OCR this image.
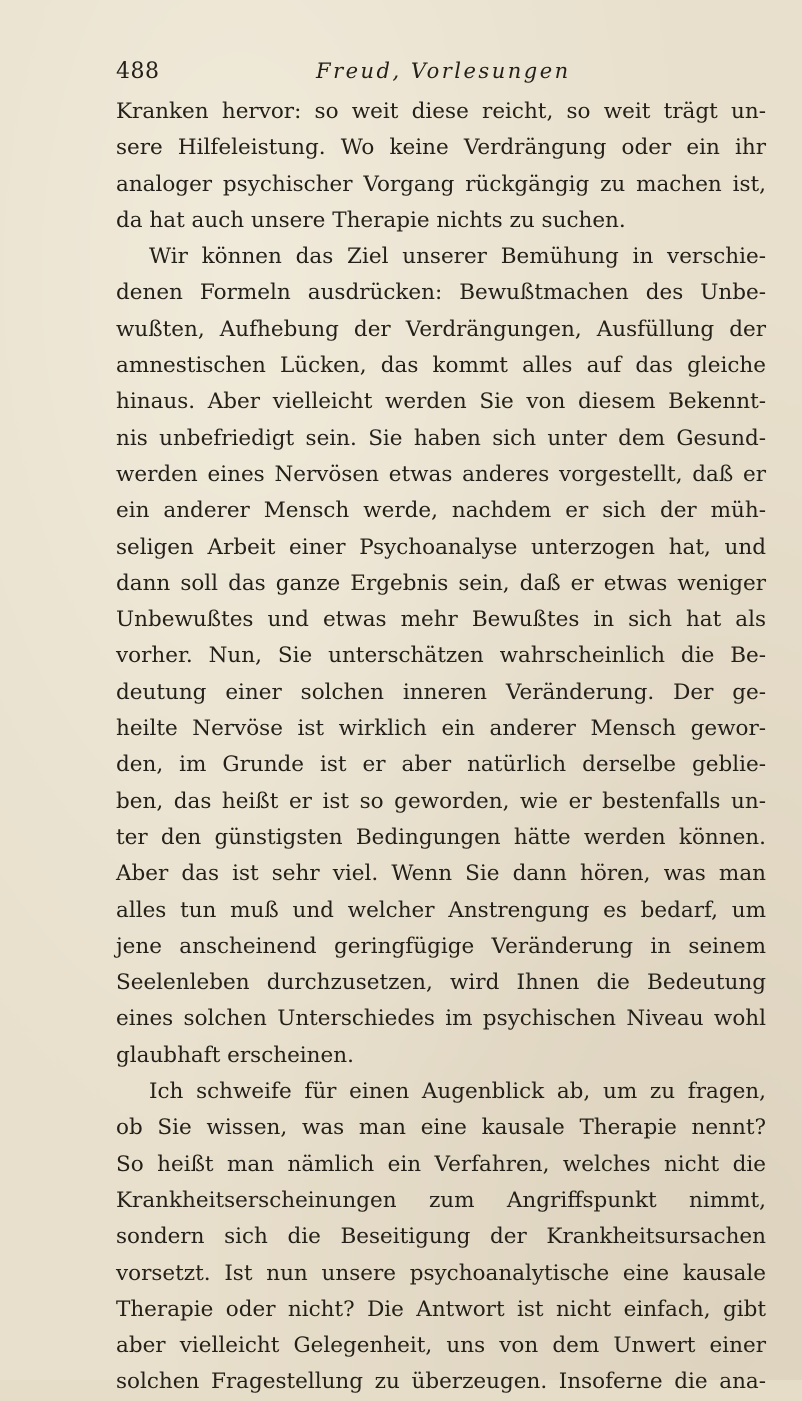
488	Freud, Vorlesungen
Kranken hervor: so weit diese reicht, so weit trägt un-
sere Hilfeleistung. Wo keine Verdrängung oder ein ihr
analoger psychischer Vorgang rückgängig zu machen ist,
da hat auch unsere Therapie nichts zu suchen.
Wir können das Ziel unserer Bemühung in verschie-
denen Formeln ausdrücken: Bewußtmachen des Unbe-
wußten, Aufhebung der Verdrängungen, Ausfüllung der
amnestischen Lücken, das kommt alles auf das gleiche
hinaus. Aber vielleicht werden Sie von diesem Bekennt-
nis unbefriedigt sein. Sie haben sich unter dem Gesund-
werden eines Nervösen etwas anderes vorgestellt, daß er
ein anderer Mensch werde, nachdem er sich der müh-
seligen Arbeit einer Psychoanalyse unterzogen hat, und
dann soll das ganze Ergebnis sein, daß er etwas weniger
Unbewußtes und etwas mehr Bewußtes in sich hat als
vorher. Nun, Sie unterschätzen wahrscheinlich die Be-
deutung einer solchen inneren Veränderung. Der ge-
heilte Nervöse ist wirklich ein anderer Mensch gewor-
den, im Grunde ist er aber natürlich derselbe geblie-
ben, das heißt er ist so geworden, wie er bestenfalls un-
ter den günstigsten Bedingungen hätte werden können.
Aber das ist sehr viel. Wenn Sie dann hören, was man
alles tun muß und welcher Anstrengung es bedarf, um
jene anscheinend geringfügige Veränderung in seinem
Seelenleben durchzusetzen, wird Ihnen die Bedeutung
eines solchen Unterschiedes im psychischen Niveau wohl
glaubhaft erscheinen.
Ich schweife für einen Augenblick ab, um zu fragen,
ob Sie wissen, was man eine kausale Therapie nennt?
So heißt man nämlich ein Verfahren, welches nicht die
Krankheitserscheinungen zum Angriffspunkt nimmt,
sondern sich die Beseitigung der Krankheitsursachen
vorsetzt. Ist nun unsere psychoanalytische eine kausale
Therapie oder nicht? Die Antwort ist nicht einfach, gibt
aber vielleicht Gelegenheit, uns von dem Unwert einer
solchen Fragestellung zu überzeugen. Insoferne die ana-
